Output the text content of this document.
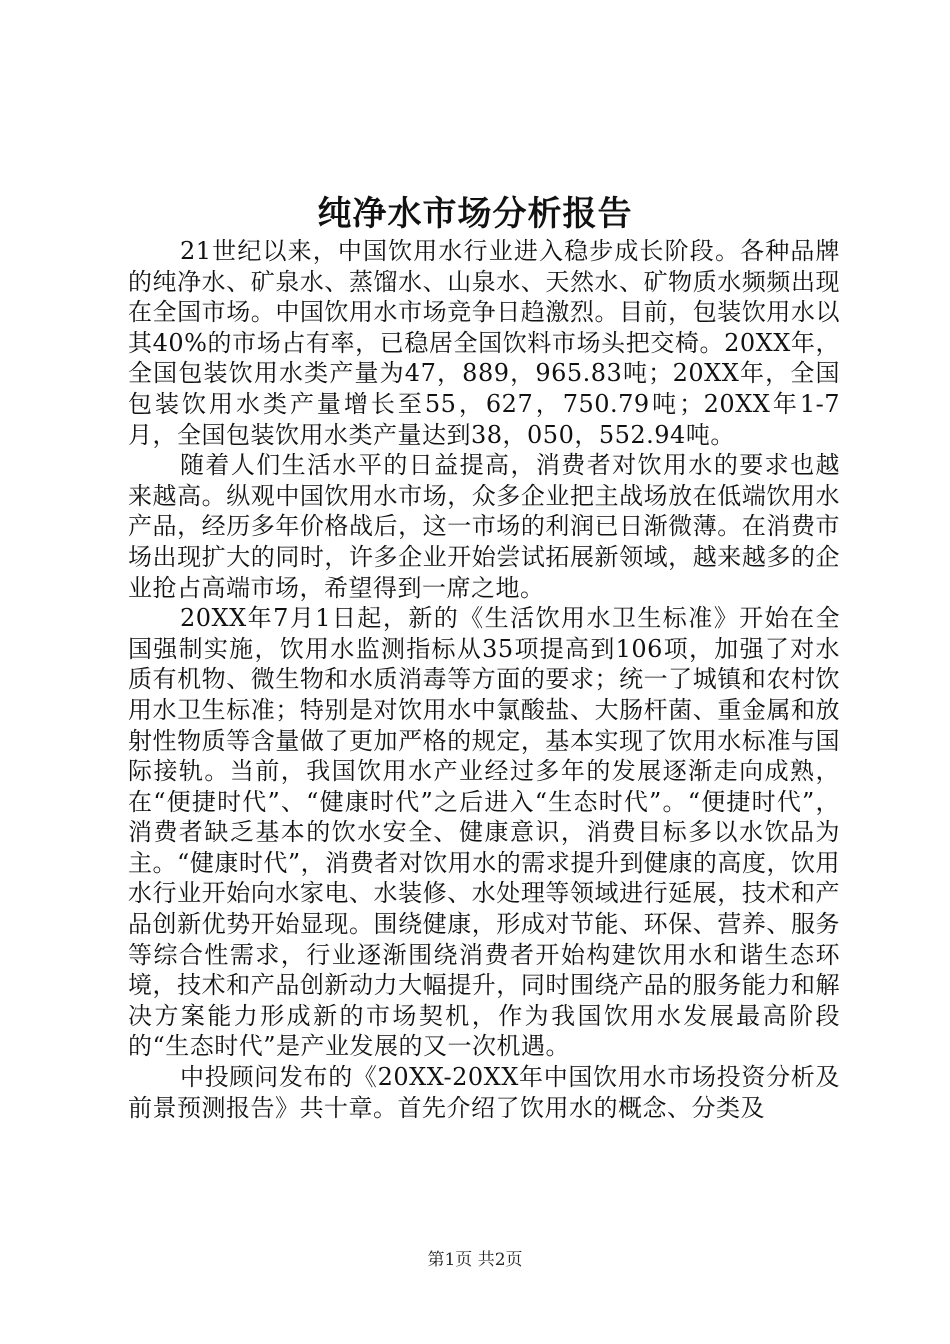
纯净水市场分析报告

21世纪以来，中国饮用水行业进入稳步成长阶段。各种品牌的纯净水、矿泉水、蒸馏水、山泉水、天然水、矿物质水频频出现在全国市场。中国饮用水市场竞争日趋激烈。目前，包装饮用水以其40%的市场占有率，已稳居全国饮料市场头把交椅。20XX年，全国包装饮用水类产量为47，889，965.83吨；20XX年，全国包装饮用水类产量增长至55，627，750.79吨；20XX年1-7月，全国包装饮用水类产量达到38，050，552.94吨。

随着人们生活水平的日益提高，消费者对饮用水的要求也越来越高。纵观中国饮用水市场，众多企业把主战场放在低端饮用水产品，经历多年价格战后，这一市场的利润已日渐微薄。在消费市场出现扩大的同时，许多企业开始尝试拓展新领域，越来越多的企业抢占高端市场，希望得到一席之地。

20XX年7月1日起，新的《生活饮用水卫生标准》开始在全国强制实施，饮用水监测指标从35项提高到106项，加强了对水质有机物、微生物和水质消毒等方面的要求；统一了城镇和农村饮用水卫生标准；特别是对饮用水中氯酸盐、大肠杆菌、重金属和放射性物质等含量做了更加严格的规定，基本实现了饮用水标准与国际接轨。当前，我国饮用水产业经过多年的发展逐渐走向成熟，在“便捷时代”、“健康时代”之后进入“生态时代”。“便捷时代”，消费者缺乏基本的饮水安全、健康意识，消费目标多以水饮品为主。“健康时代”，消费者对饮用水的需求提升到健康的高度，饮用水行业开始向水家电、水装修、水处理等领域进行延展，技术和产品创新优势开始显现。围绕健康，形成对节能、环保、营养、服务等综合性需求，行业逐渐围绕消费者开始构建饮用水和谐生态环境，技术和产品创新动力大幅提升，同时围绕产品的服务能力和解决方案能力形成新的市场契机，作为我国饮用水发展最高阶段的“生态时代”是产业发展的又一次机遇。

中投顾问发布的《20XX-20XX年中国饮用水市场投资分析及前景预测报告》共十章。首先介绍了饮用水的概念、分类及

第1页 共2页
